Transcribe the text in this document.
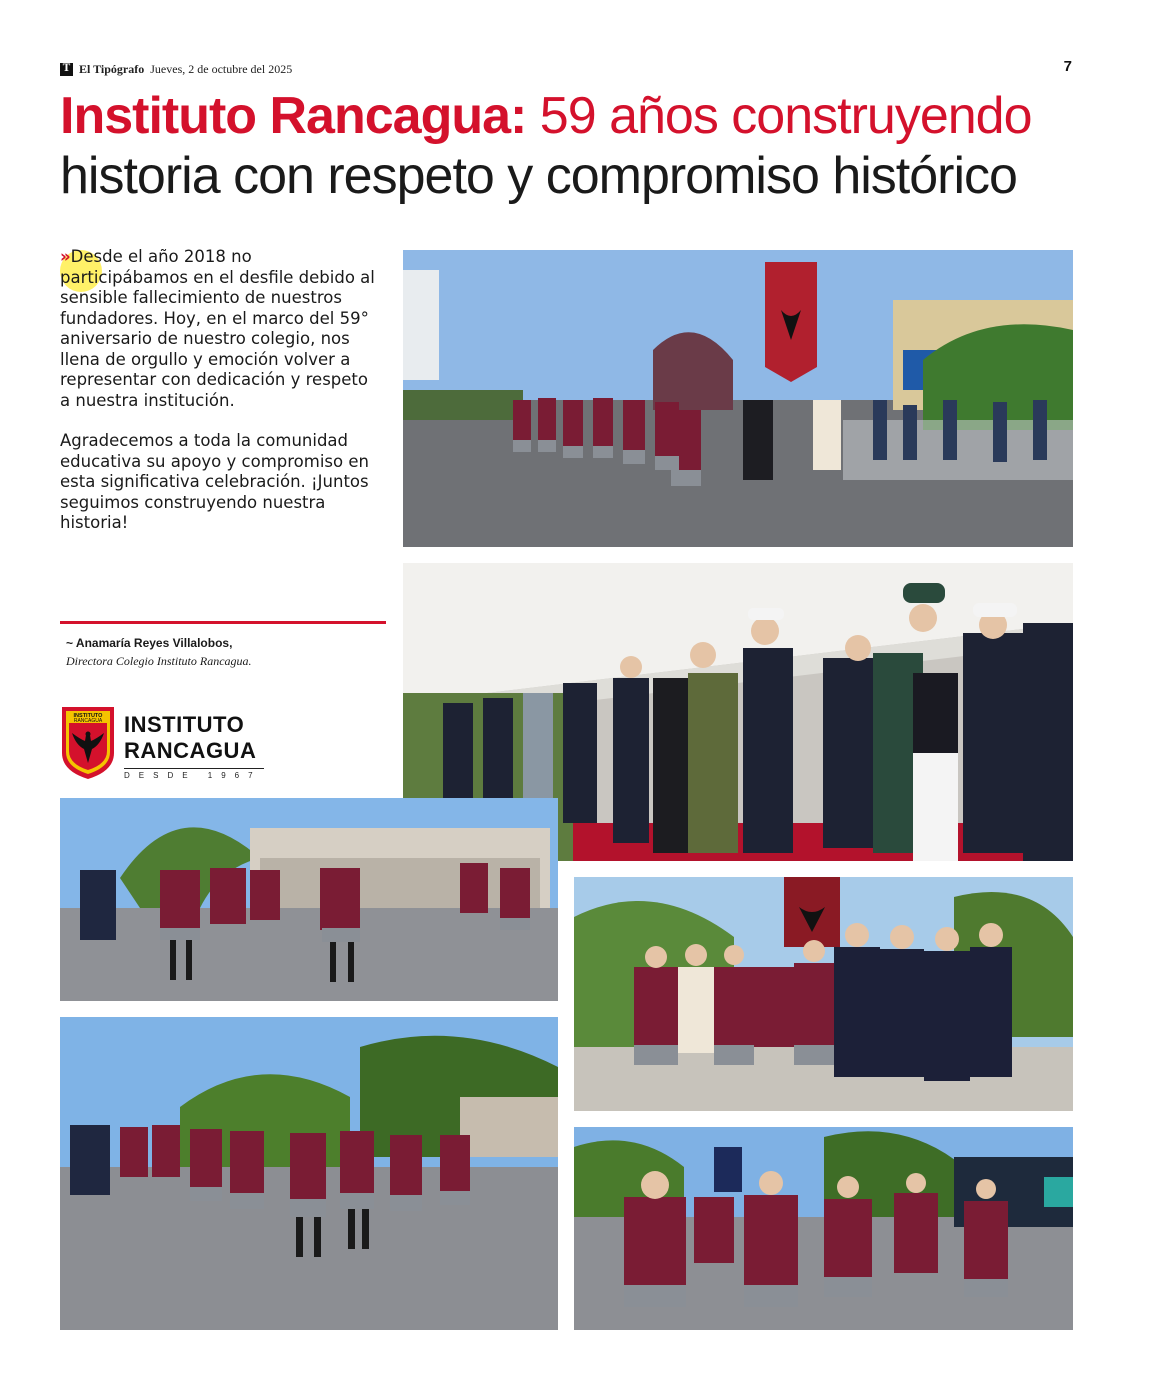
T El Tipógrafo Jueves, 2 de octubre del 2025	7
Instituto Rancagua: 59 años construyendo
historia con respeto y compromiso histórico

»Desde el año 2018 no participábamos en el desfile debido al sensible fallecimiento de nuestros fundadores. Hoy, en el marco del 59° aniversario de nuestro colegio, nos llena de orgullo y emoción volver a representar con dedicación y respeto a nuestra institución.

Agradecemos a toda la comunidad educativa su apoyo y compromiso en esta significativa celebración. ¡Juntos seguimos construyendo nuestra historia!

~ Anamaría Reyes Villalobos,
Directora Colegio Instituto Rancagua.
INSTITUTO
RANCAGUA INSTITUTO
RANCAGUA
DESDE 1967
